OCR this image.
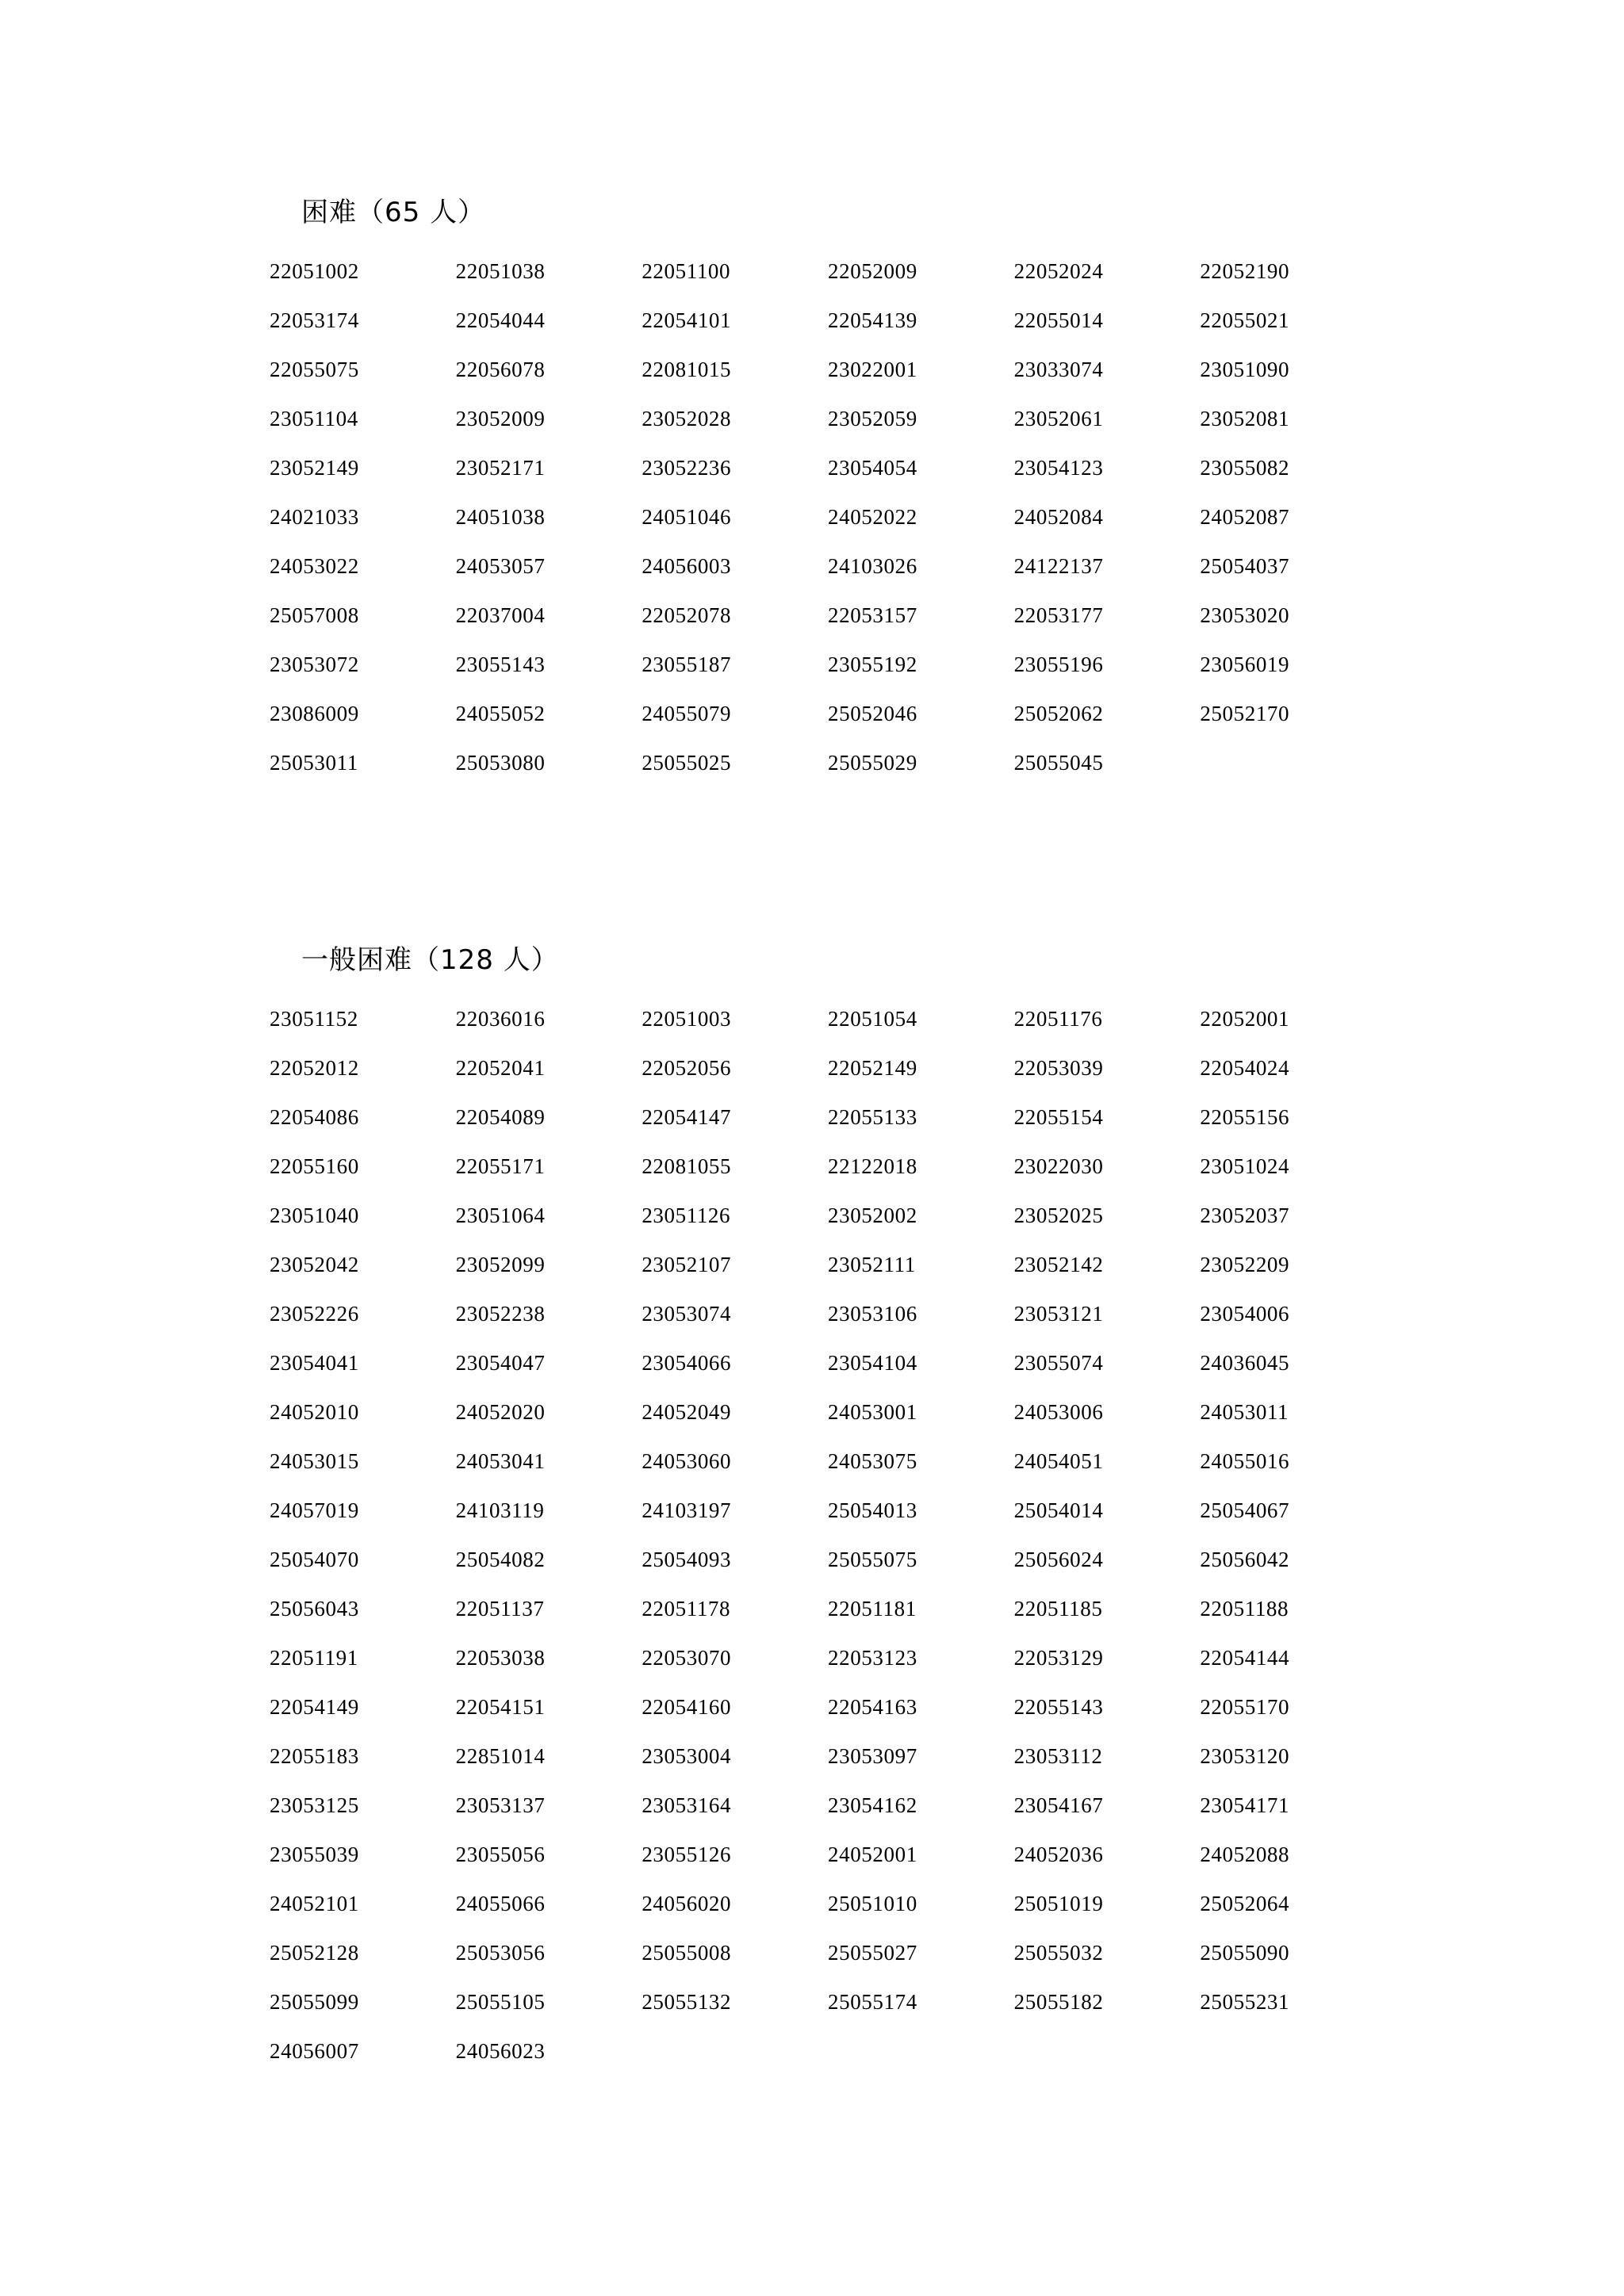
困难（65 人）
22051002	22051038	22051100	22052009	22052024	22052190
22053174	22054044	22054101	22054139	22055014	22055021
22055075	22056078	22081015	23022001	23033074	23051090
23051104	23052009	23052028	23052059	23052061	23052081
23052149	23052171	23052236	23054054	23054123	23055082
24021033	24051038	24051046	24052022	24052084	24052087
24053022	24053057	24056003	24103026	24122137	25054037
25057008	22037004	22052078	22053157	22053177	23053020
23053072	23055143	23055187	23055192	23055196	23056019
23086009	24055052	24055079	25052046	25052062	25052170
25053011	25053080	25055025	25055029	25055045
一般困难（128 人）
23051152	22036016	22051003	22051054	22051176	22052001
22052012	22052041	22052056	22052149	22053039	22054024
22054086	22054089	22054147	22055133	22055154	22055156
22055160	22055171	22081055	22122018	23022030	23051024
23051040	23051064	23051126	23052002	23052025	23052037
23052042	23052099	23052107	23052111	23052142	23052209
23052226	23052238	23053074	23053106	23053121	23054006
23054041	23054047	23054066	23054104	23055074	24036045
24052010	24052020	24052049	24053001	24053006	24053011
24053015	24053041	24053060	24053075	24054051	24055016
24057019	24103119	24103197	25054013	25054014	25054067
25054070	25054082	25054093	25055075	25056024	25056042
25056043	22051137	22051178	22051181	22051185	22051188
22051191	22053038	22053070	22053123	22053129	22054144
22054149	22054151	22054160	22054163	22055143	22055170
22055183	22851014	23053004	23053097	23053112	23053120
23053125	23053137	23053164	23054162	23054167	23054171
23055039	23055056	23055126	24052001	24052036	24052088
24052101	24055066	24056020	25051010	25051019	25052064
25052128	25053056	25055008	25055027	25055032	25055090
25055099	25055105	25055132	25055174	25055182	25055231
24056007	24056023
